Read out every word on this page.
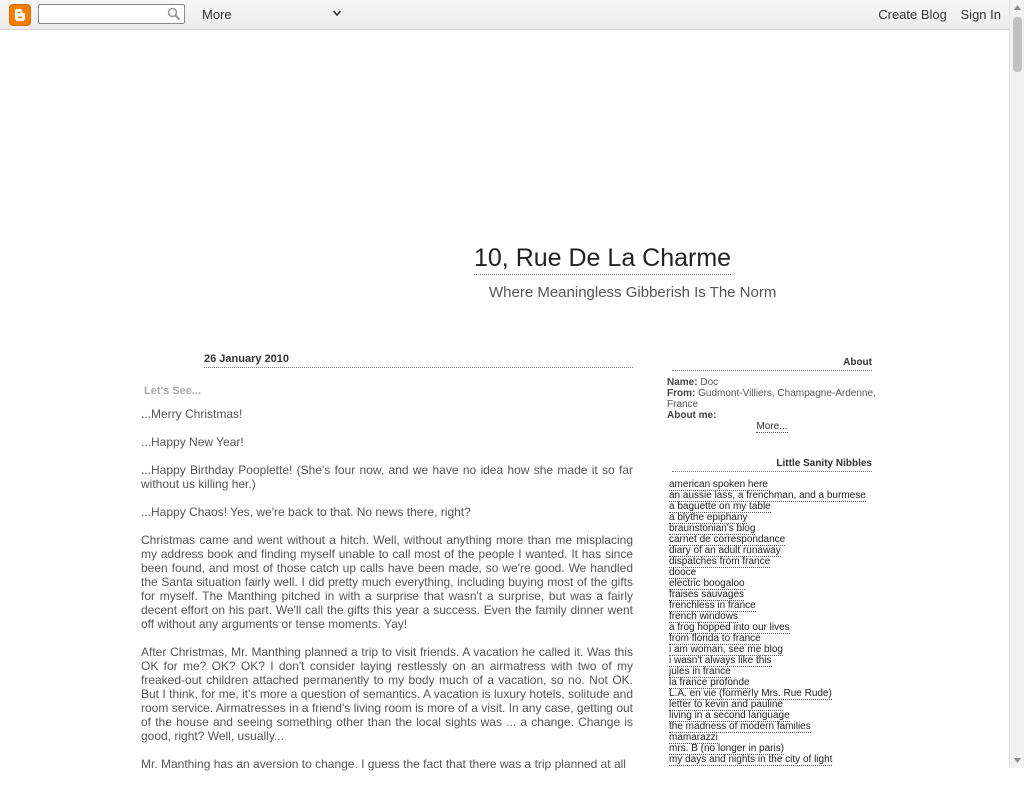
More	Create Blog Sign In
10, Rue De La Charme
Where Meaningless Gibberish Is The Norm
26 January 2010
Let's See...

...Merry Christmas!

...Happy New Year!

...Happy Birthday Pooplette! (She's four now, and we have no idea how she made it so far without us killing her.)

...Happy Chaos! Yes, we're back to that. No news there, right?

Christmas came and went without a hitch. Well, without anything more than me misplacing my address book and finding myself unable to call most of the people I wanted. It has since been found, and most of those catch up calls have been made, so we're good. We handled the Santa situation fairly well. I did pretty much everything, including buying most of the gifts for myself. The Manthing pitched in with a surprise that wasn't a surprise, but was a fairly decent effort on his part. We'll call the gifts this year a success. Even the family dinner went off without any arguments or tense moments. Yay!

After Christmas, Mr. Manthing planned a trip to visit friends. A vacation he called it. Was this OK for me? OK? OK? I don't consider laying restlessly on an airmatress with two of my freaked-out children attached permanently to my body much of a vacation, so no. Not OK. But I think, for me, it's more a question of semantics. A vacation is luxury hotels, solitude and room service. Airmatresses in a friend's living room is more of a visit. In any case, getting out of the house and seeing something other than the local sights was ... a change. Change is good, right? Well, usually...

Mr. Manthing has an aversion to change. I guess the fact that there was a trip planned at all

About
Name: Doc
From: Gudmont-Villiers, Champagne-Ardenne, France
About me:
More...
Little Sanity Nibbles
american spoken here
an aussie lass, a frenchman, and a burmese
a baguette on my table
a blythe epiphany
braunstonian's blog
carnet de correspondance
diary of an adult runaway
dispatches from france
dooce
electric boogaloo
fraises sauvages
frenchless in france
french windows
a frog hopped into our lives
from florida to france
i am woman, see me blog
i wasn't always like this
jules in france
la france profonde
L.A. en vie (formerly Mrs. Rue Rude)
letter to kevin and pauline
living in a second language
the madness of modern families
mamarazzi
mrs. B (no longer in paris)
my days and nights in the city of light
